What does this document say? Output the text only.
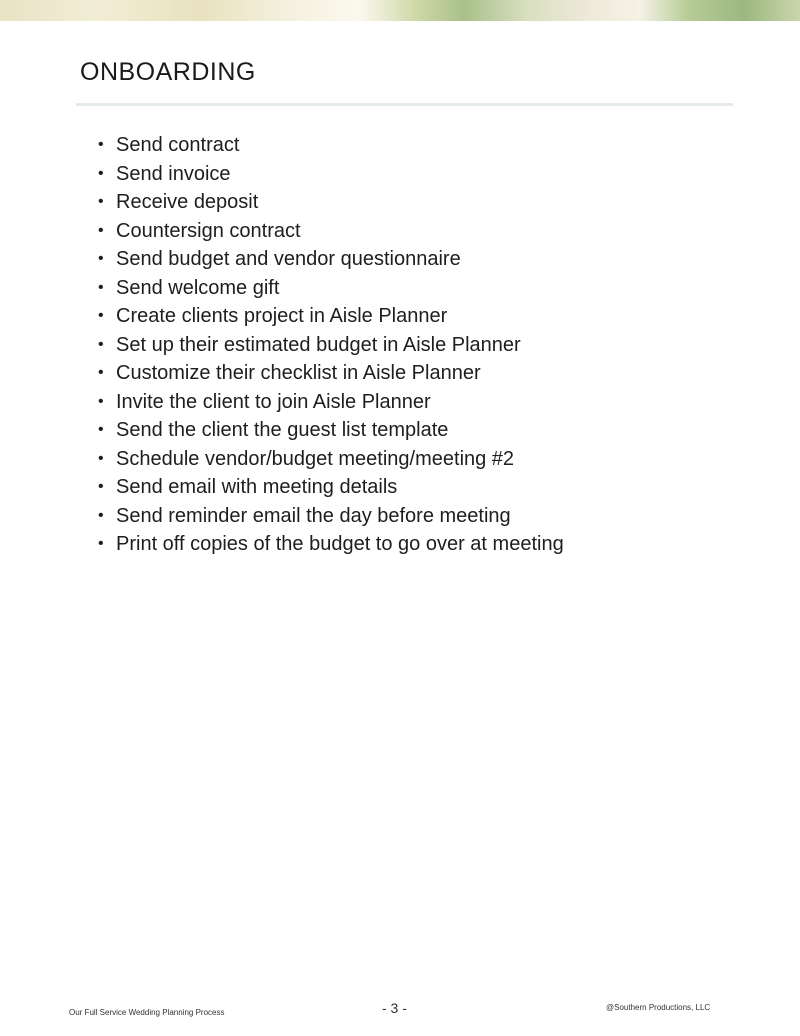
ONBOARDING
• Send contract
• Send invoice
• Receive deposit
• Countersign contract
• Send budget and vendor questionnaire
• Send welcome gift
• Create clients project in Aisle Planner
• Set up their estimated budget in Aisle Planner
• Customize their checklist in Aisle Planner
• Invite the client to join Aisle Planner
• Send the client the guest list template
• Schedule vendor/budget meeting/meeting #2
• Send email with meeting details
• Send reminder email the day before meeting
• Print off copies of the budget to go over at meeting
Our Full Service Wedding Planning Process	- 3 -	@Southern Productions, LLC
